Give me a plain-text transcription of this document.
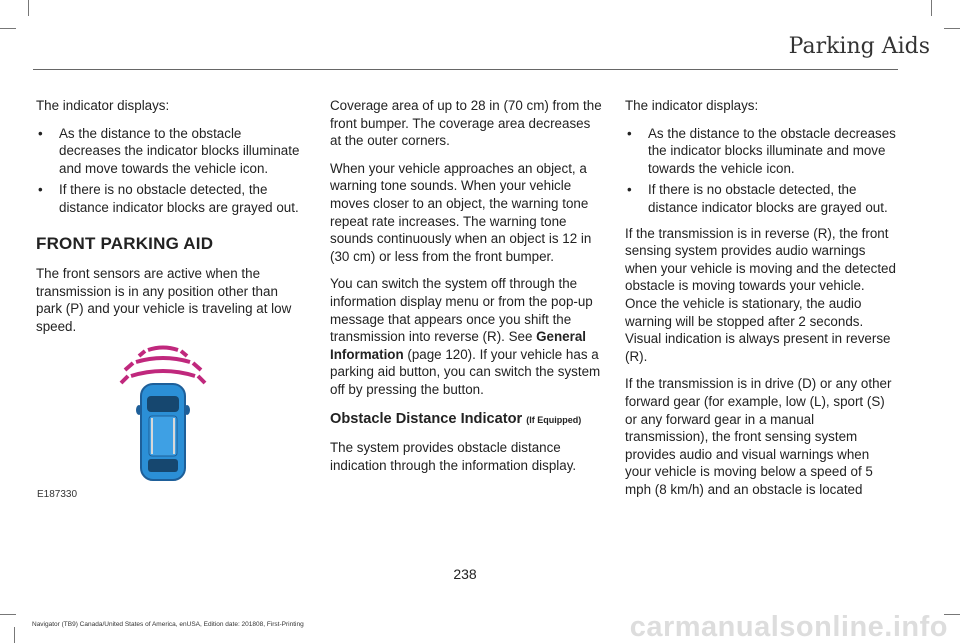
Parking Aids

The indicator displays:

• As the distance to the obstacle decreases the indicator blocks illuminate and move towards the vehicle icon.
• If there is no obstacle detected, the distance indicator blocks are grayed out.
FRONT PARKING AID

The front sensors are active when the transmission is in any position other than park (P) and your vehicle is traveling at low speed.

E187330

Coverage area of up to 28 in (70 cm) from the front bumper. The coverage area decreases at the outer corners.

When your vehicle approaches an object, a warning tone sounds. When your vehicle moves closer to an object, the warning tone repeat rate increases. The warning tone sounds continuously when an object is 12 in (30 cm) or less from the front bumper.

You can switch the system off through the information display menu or from the pop-up message that appears once you shift the transmission into reverse (R). See General Information (page 120). If your vehicle has a parking aid button, you can switch the system off by pressing the button.

Obstacle Distance Indicator (If Equipped)

The system provides obstacle distance indication through the information display.

The indicator displays:

• As the distance to the obstacle decreases the indicator blocks illuminate and move towards the vehicle icon.
• If there is no obstacle detected, the distance indicator blocks are grayed out.

If the transmission is in reverse (R), the front sensing system provides audio warnings when your vehicle is moving and the detected obstacle is moving towards your vehicle. Once the vehicle is stationary, the audio warning will be stopped after 2 seconds. Visual indication is always present in reverse (R).

If the transmission is in drive (D) or any other forward gear (for example, low (L), sport (S) or any forward gear in a manual transmission), the front sensing system provides audio and visual warnings when your vehicle is moving below a speed of 5 mph (8 km/h) and an obstacle is located

238
Navigator (TB9) Canada/United States of America, enUSA, Edition date: 201808, First-Printing	carmanualsonline.info
